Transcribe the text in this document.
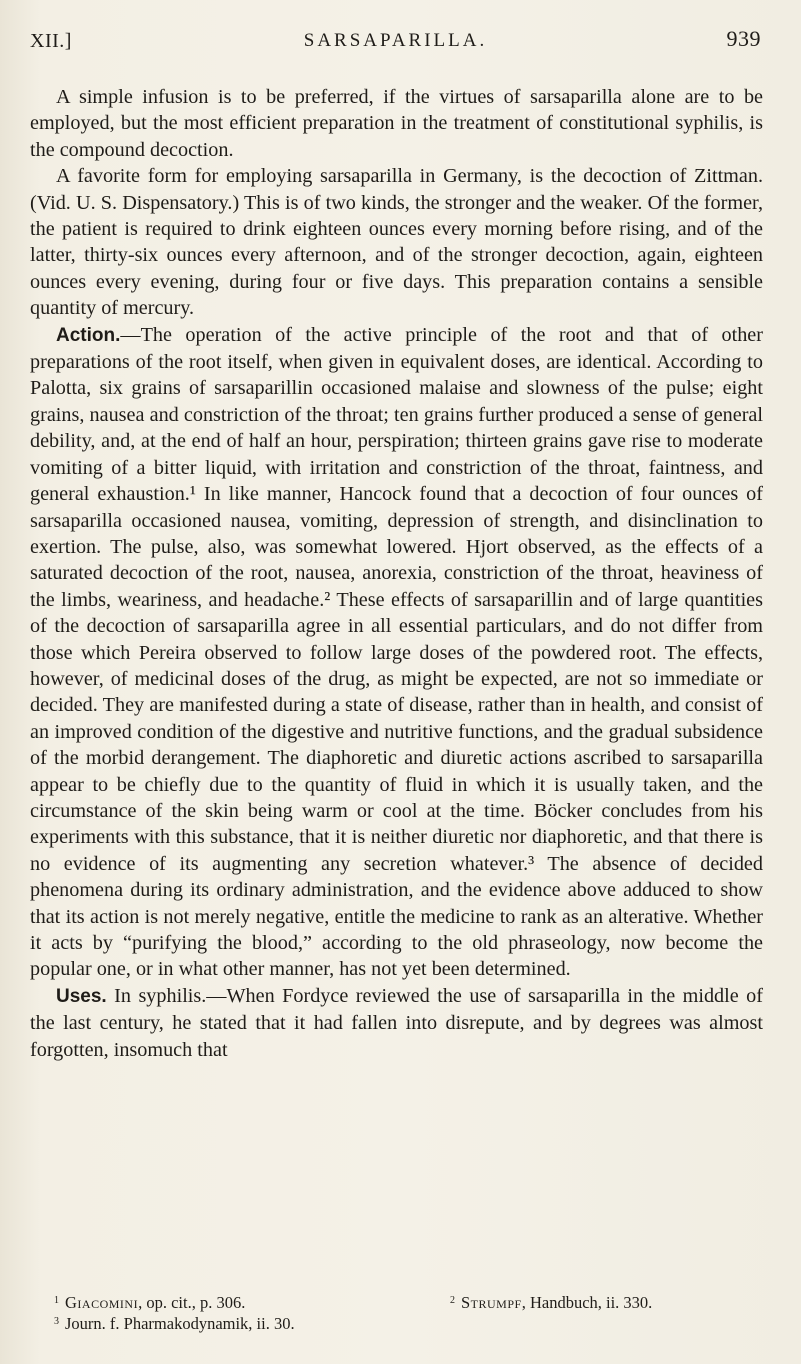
XII.]	SARSAPARILLA.	939

A simple infusion is to be preferred, if the virtues of sarsaparilla alone are to be employed, but the most efficient preparation in the treatment of constitutional syphilis, is the compound decoction.

A favorite form for employing sarsaparilla in Germany, is the decoction of Zittman. (Vid. U. S. Dispensatory.) This is of two kinds, the stronger and the weaker. Of the former, the patient is required to drink eighteen ounces every morning before rising, and of the latter, thirty-six ounces every afternoon, and of the stronger decoction, again, eighteen ounces every evening, during four or five days. This preparation contains a sensible quantity of mercury.

Action.—The operation of the active principle of the root and that of other preparations of the root itself, when given in equivalent doses, are identical. According to Palotta, six grains of sarsaparillin occasioned malaise and slowness of the pulse; eight grains, nausea and constriction of the throat; ten grains further produced a sense of general debility, and, at the end of half an hour, perspiration; thirteen grains gave rise to moderate vomiting of a bitter liquid, with irritation and constriction of the throat, faintness, and general exhaustion.¹ In like manner, Hancock found that a decoction of four ounces of sarsaparilla occasioned nausea, vomiting, depression of strength, and disinclination to exertion. The pulse, also, was somewhat lowered. Hjort observed, as the effects of a saturated decoction of the root, nausea, anorexia, constriction of the throat, heaviness of the limbs, weariness, and headache.² These effects of sarsaparillin and of large quantities of the decoction of sarsaparilla agree in all essential particulars, and do not differ from those which Pereira observed to follow large doses of the powdered root. The effects, however, of medicinal doses of the drug, as might be expected, are not so immediate or decided. They are manifested during a state of disease, rather than in health, and consist of an improved condition of the digestive and nutritive functions, and the gradual subsidence of the morbid derangement. The diaphoretic and diuretic actions ascribed to sarsaparilla appear to be chiefly due to the quantity of fluid in which it is usually taken, and the circumstance of the skin being warm or cool at the time. Böcker concludes from his experiments with this substance, that it is neither diuretic nor diaphoretic, and that there is no evidence of its augmenting any secretion whatever.³ The absence of decided phenomena during its ordinary administration, and the evidence above adduced to show that its action is not merely negative, entitle the medicine to rank as an alterative. Whether it acts by “purifying the blood,” according to the old phraseology, now become the popular one, or in what other manner, has not yet been determined.

Uses. In syphilis.—When Fordyce reviewed the use of sarsaparilla in the middle of the last century, he stated that it had fallen into disrepute, and by degrees was almost forgotten, insomuch that

$^1$ Giacomini, op. cit., p. 306.	$^2$ Strumpf, Handbuch, ii. 330.
$^3$ Journ. f. Pharmakodynamik, ii. 30.
